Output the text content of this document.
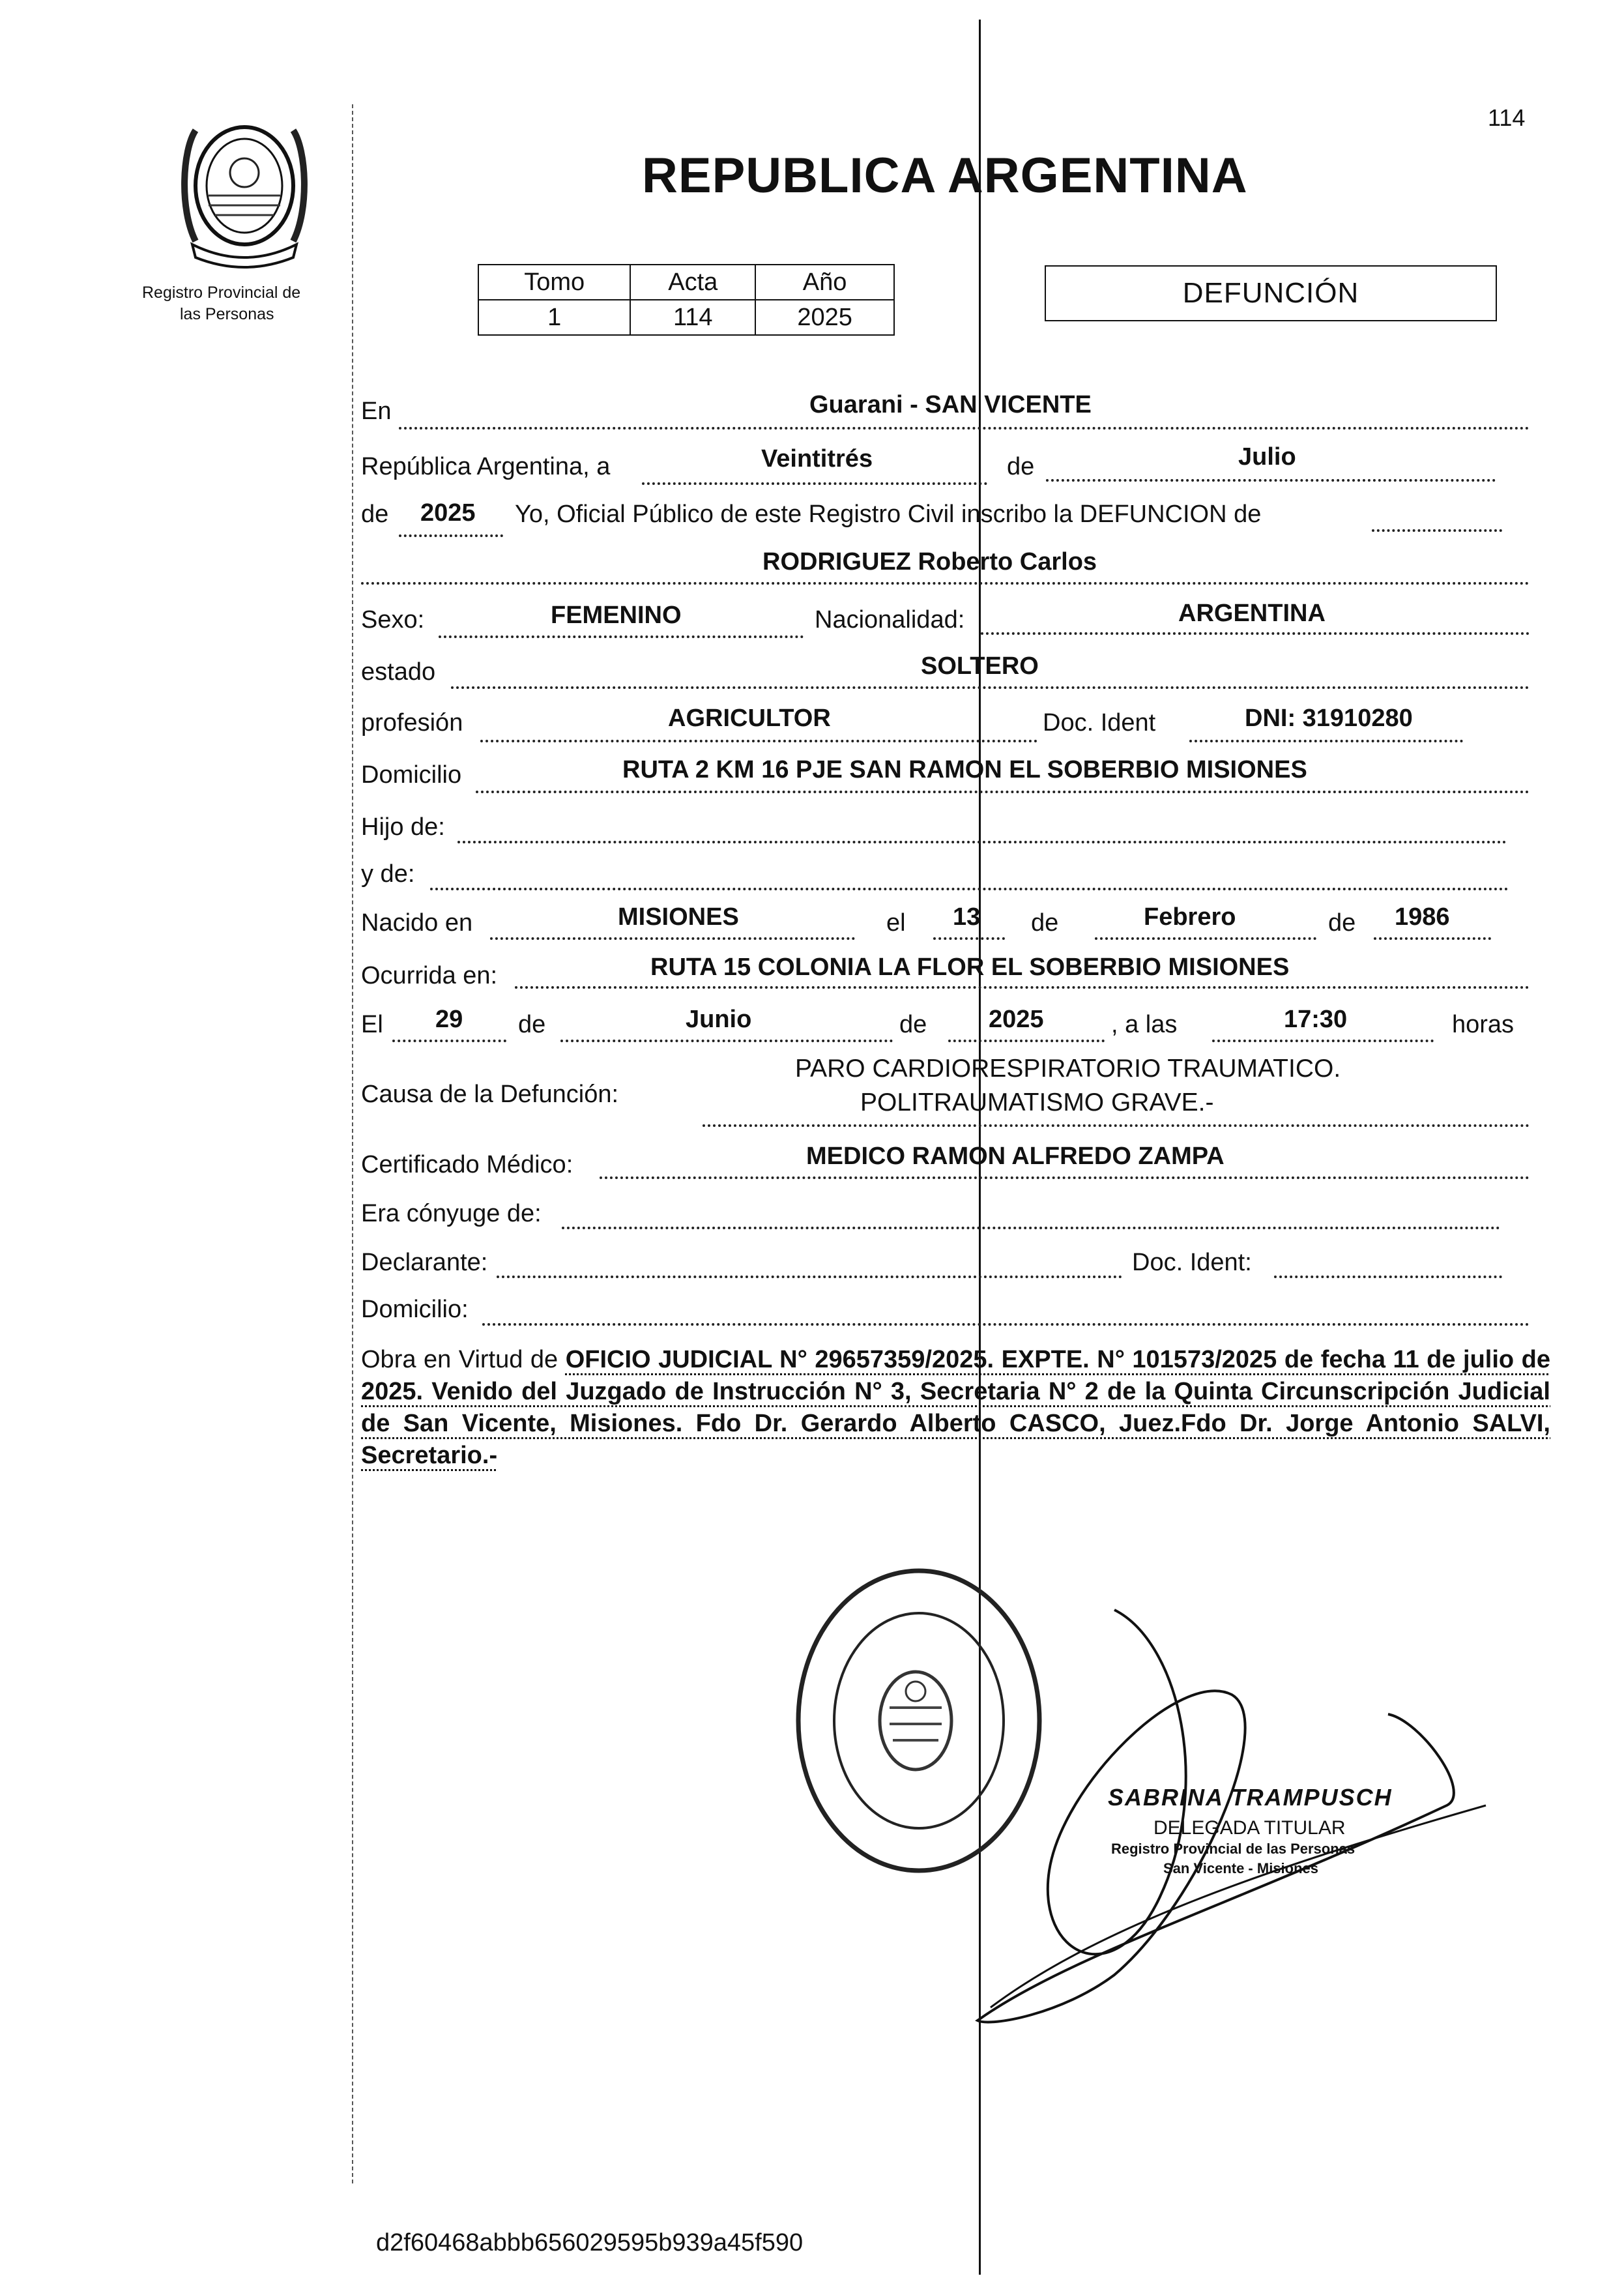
114
Registro Provincial de
las Personas
REPUBLICA ARGENTINA
Tomo	Acta	Año
1	114	2025
DEFUNCIÓN
En	Guarani - SAN VICENTE
República Argentina, a	Veintitrés	de	Julio
de 2025 Yo, Oficial Público de este Registro Civil inscribo la DEFUNCION de
RODRIGUEZ Roberto Carlos
Sexo:	FEMENINO	Nacionalidad:	ARGENTINA
estado	SOLTERO
profesión	AGRICULTOR	Doc. Ident	DNI: 31910280
Domicilio	RUTA 2 KM 16 PJE SAN RAMON EL SOBERBIO MISIONES
Hijo de:
y de:
Nacido en	MISIONES	el 13 de	Febrero	de 1986
Ocurrida en:	RUTA 15 COLONIA LA FLOR EL SOBERBIO MISIONES
El 29 de	Junio	de 2025	, a las	17:30	horas
Causa de la Defunción:
PARO CARDIORESPIRATORIO TRAUMATICO.
POLITRAUMATISMO GRAVE.-
Certificado Médico:	MEDICO RAMON ALFREDO ZAMPA
Era cónyuge de:
Declarante:	Doc. Ident:
Domicilio:
Obra en Virtud de OFICIO JUDICIAL N° 29657359/2025. EXPTE. N° 101573/2025 de fecha 11 de julio de 2025. Venido del Juzgado de Instrucción N° 3, Secretaria N° 2 de la Quinta Circunscripción Judicial de San Vicente, Misiones. Fdo Dr. Gerardo Alberto CASCO, Juez.Fdo Dr. Jorge Antonio SALVI, Secretario.-
SABRINA TRAMPUSCH
DELEGADA TITULAR
Registro Provincial de las Personas
San Vicente - Misiones
d2f60468abbb656029595b939a45f590
